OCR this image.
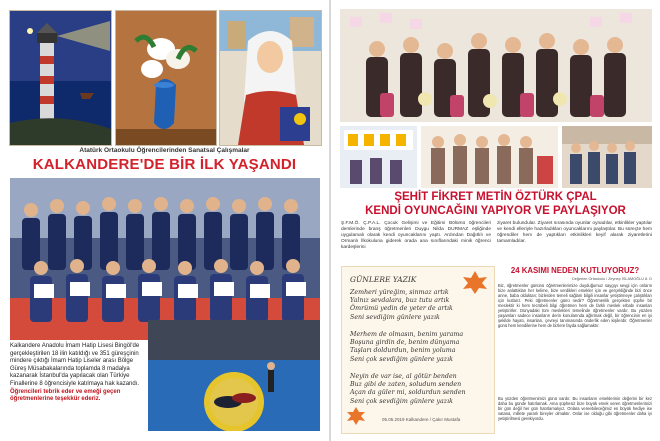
Atatürk Ortaokulu Öğrencilerinden Sanatsal Çalışmalar
KALKANDERE'DE BİR İLK YAŞANDI
Kalkandere Anadolu İmam Hatip Lisesi Bingöl'de gerçekleştirilen 18 ilin katıldığı ve 351 güreşçinin mindere çıktığı İmam Hatip Liseler arası Bölge Güreş Müsabakalarında toplamda 8 madalya kazanarak İstanbul'da yapılacak olan Türkiye Finallerine 8 öğrencisiyle katılmaya hak kazandı. Öğrencileri tebrik eder ve emeği geçen öğretmenlerine teşekkür ederiz.
ŞEHİT FİKRET METİN ÖZTÜRK ÇPAL
KENDİ OYUNCAĞINI YAPIYOR VE PAYLAŞIYOR
Ş.F.M.Ö. Ç.P.A.L. Çocuk Gelişimi ve Eğitimi Bölümü öğrencileri derslerinde branş öğretmenleri Duygu Nilda DURMAZ eşliğinde uygulamalı olarak kendi oyuncaklarını yaptı. Ardından Dağıtlılı ve Ormanlı İlkokuluna giderek orada ana sınıflarındaki minik öğrenci kardeşlerini
ziyaret bulundular. Ziyaret sırasında oyunlar oynadılar, etkinlikler yaptılar ve kendi elleriyle hazırladıkları oyuncaklarını paylaştılar. Bu süreçte hem öğrendiler hem de yaptıkları etkinlikleri keyif alarak ziyaretlerini tamamladılar.
GÜNLERE YAZIK
Zemheri yüreğim, sinmaz artık
Yalnız sevdalara, buz tutu artık
Ömrümü yedin de yeter de artık
Seni sevdiğim günlere yazık
Merhem de olmasın, benim yarama
Boşuna girdin de, benim dünyama
Taşları doldurdun, benim yoluma
Seni çok sevdiğim günlere yazık
Neyin de var ise, al götür benden
Buz gibi de zaten, soludum senden
Açan da güler mi, soldurdun senden
Seni çok sevdiğim günlere yazık
05.05.2019 Kalkandere / Çakır Mustafa
24 KASIMI NEDEN KUTLUYORUZ?
Değerlen Ortaokulu / Zeynep İSLAMOĞLU 8. D
Biz, öğretmenler gününü öğretmenlerimize duyduğumuz saygıyı sevgi için onların bize anlattıkları her kelime, bize verdikleri emekler için ve gerçekliğinde bizi önce anne, baba olduktan; bizlerden temeli sağlam bilgili insanlar yetiştirmeye çalıştıkları için kutlarız. Peki öğretmenler günü nedir? Öğretmenlik gerçekten şüphe bir meslektir ki hem tecrübeli bilgi öğretmen hem de farklı meslek erbabı insanları yetiştirirler. Dünyadaki tüm meslekleri temelinde öğretmenler vardır. Bu yüzden yaşamları sadece insanların derin konularında ağlırmak değil, bir öğrencinin en iyi şekilde hayatı, insanları, çevreyi tanımasında önderlik eden kişilerdir. Öğretmenler günü hem kendilerine hem de bizlere fayda sağlamaktır.
Bu yüzden öğretmenimizi günü vardır. Bu insanların emeklerinin değerini bir kez daha bu günde hatırlamak. Ama şüphesiz bize büyük emek veren öğretmenlerimizi bir gün değil her gün hatırlamalıyız. Onlara vereebileceğimiz en büyük hediye ise vatana, millete yararlı bireyler olmaktır. Onlar ise olduğu gibi öğretmenler daha iyi yetiştirilmesi gerekiyordu.
